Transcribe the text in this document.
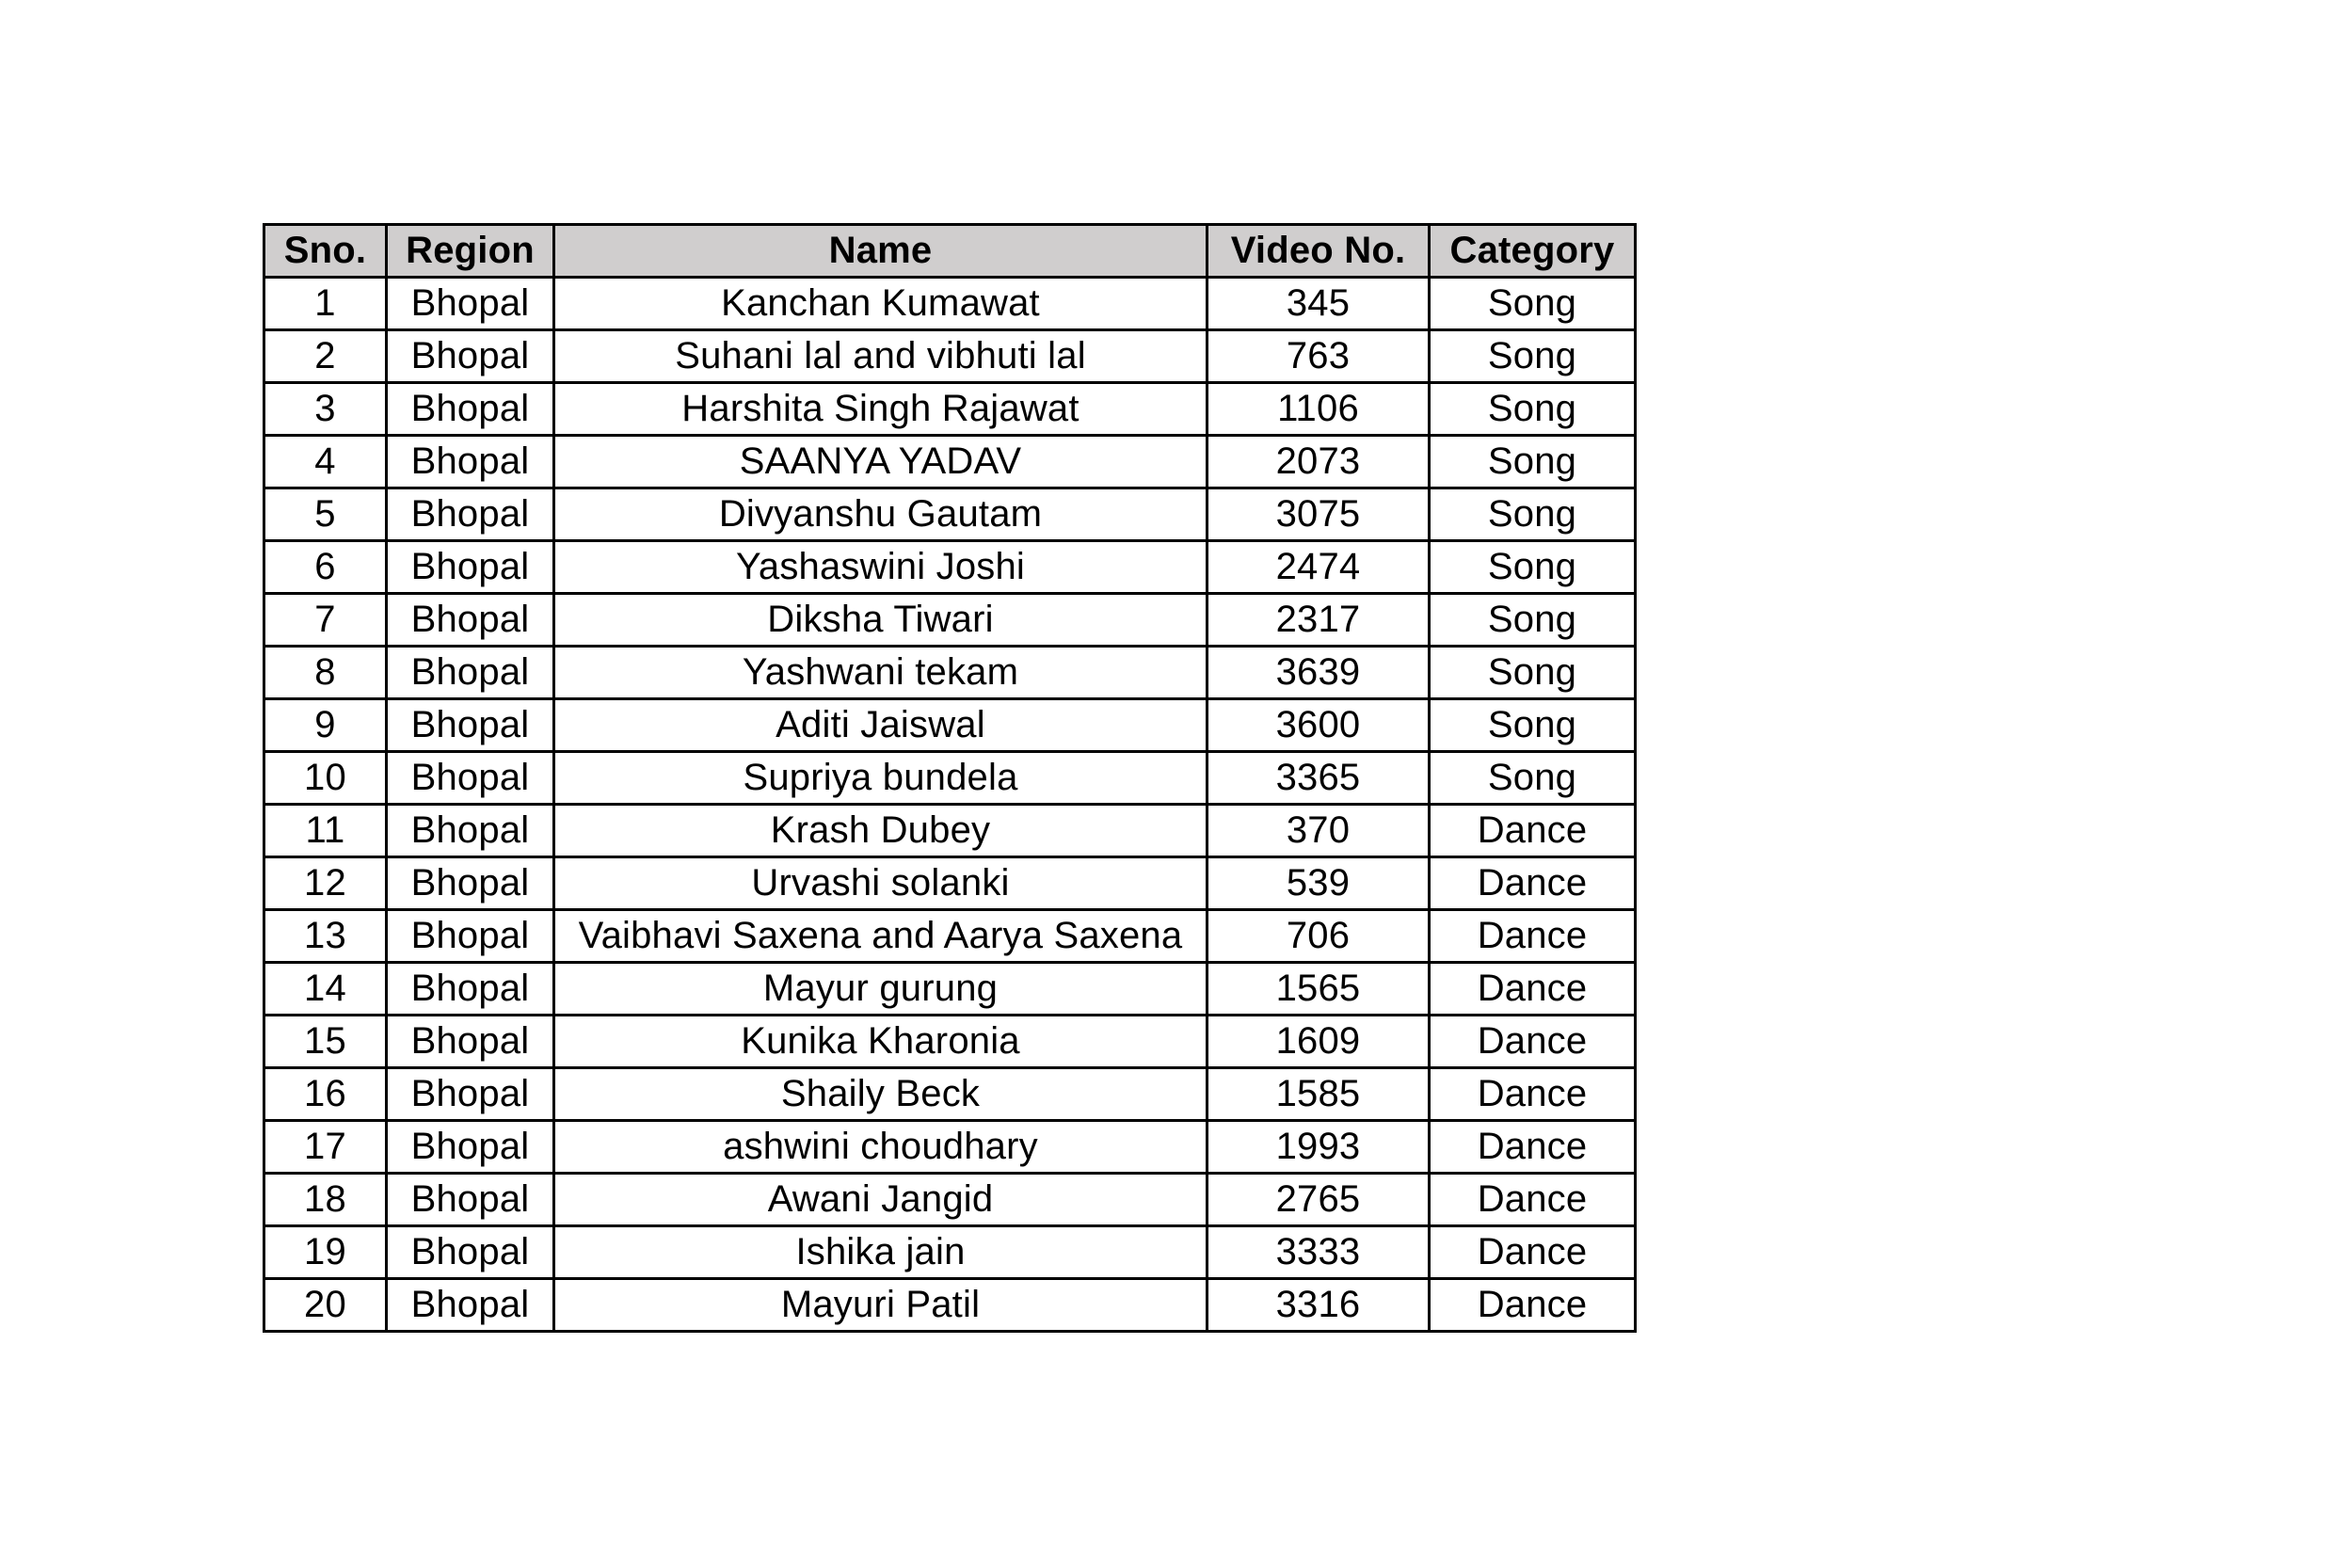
Sno.	Region	Name	Video No.	Category
1	Bhopal	Kanchan Kumawat	345	Song
2	Bhopal	Suhani lal and vibhuti lal	763	Song
3	Bhopal	Harshita Singh Rajawat	1106	Song
4	Bhopal	SAANYA YADAV	2073	Song
5	Bhopal	Divyanshu Gautam	3075	Song
6	Bhopal	Yashaswini Joshi	2474	Song
7	Bhopal	Diksha Tiwari	2317	Song
8	Bhopal	Yashwani tekam	3639	Song
9	Bhopal	Aditi Jaiswal	3600	Song
10	Bhopal	Supriya bundela	3365	Song
11	Bhopal	Krash Dubey	370	Dance
12	Bhopal	Urvashi solanki	539	Dance
13	Bhopal	Vaibhavi Saxena and Aarya Saxena	706	Dance
14	Bhopal	Mayur gurung	1565	Dance
15	Bhopal	Kunika Kharonia	1609	Dance
16	Bhopal	Shaily Beck	1585	Dance
17	Bhopal	ashwini choudhary	1993	Dance
18	Bhopal	Awani Jangid	2765	Dance
19	Bhopal	Ishika jain	3333	Dance
20	Bhopal	Mayuri Patil	3316	Dance
